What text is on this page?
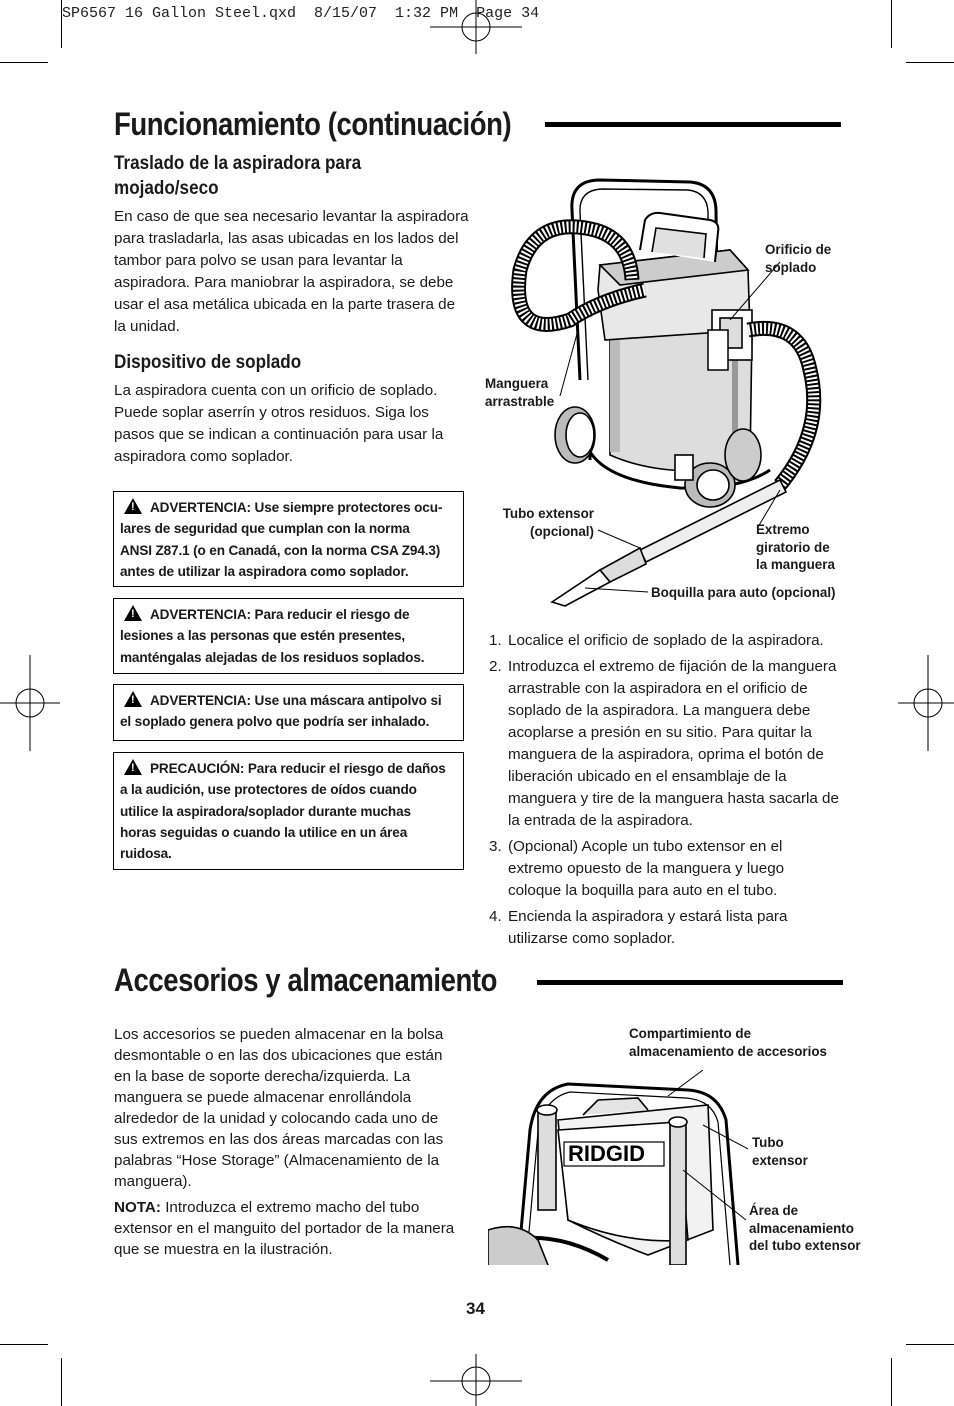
SP6567 16 Gallon Steel.qxd  8/15/07  1:32 PM  Page 34
Funcionamiento (continuación)
Traslado de la aspiradora para mojado/seco
En caso de que sea necesario levantar la aspiradora
para trasladarla, las asas ubicadas en los lados del
tambor para polvo se usan para levantar la
aspiradora. Para maniobrar la aspiradora, se debe
usar el asa metálica ubicada en la parte trasera de
la unidad.
Dispositivo de soplado
La aspiradora cuenta con un orificio de soplado.
Puede soplar aserrín y otros residuos. Siga los
pasos que se indican a continuación para usar la
aspiradora como soplador.
!ADVERTENCIA: Use siempre protectores ocu-
lares de seguridad que cumplan con la norma
ANSI Z87.1 (o en Canadá, con la norma CSA Z94.3)
antes de utilizar la aspiradora como soplador.
!ADVERTENCIA: Para reducir el riesgo de
lesiones a las personas que estén presentes,
manténgalas alejadas de los residuos soplados.
!ADVERTENCIA: Use una máscara antipolvo si
el soplado genera polvo que podría ser inhalado.
!PRECAUCIÓN: Para reducir el riesgo de daños
a la audición, use protectores de oídos cuando
utilice la aspiradora/soplador durante muchas
horas seguidas o cuando la utilice en un área
ruidosa.
Orificio de
soplado
Manguera
arrastrable
Tubo extensor
(opcional)	Extremo
giratorio de
la manguera
Boquilla para auto (opcional)
1. Localice el orificio de soplado de la aspiradora.
2. Introduzca el extremo de fijación de la manguera
arrastrable con la aspiradora en el orificio de
soplado de la aspiradora. La manguera debe
acoplarse a presión en su sitio. Para quitar la
manguera de la aspiradora, oprima el botón de
liberación ubicado en el ensamblaje de la
manguera y tire de la manguera hasta sacarla de
la entrada de la aspiradora.
3. (Opcional) Acople un tubo extensor en el
extremo opuesto de la manguera y luego
coloque la boquilla para auto en el tubo.
4. Encienda la aspiradora y estará lista para
utilizarse como soplador.
Accesorios y almacenamiento
Los accesorios se pueden almacenar en la bolsa
desmontable o en las dos ubicaciones que están
en la base de soporte derecha/izquierda. La
manguera se puede almacenar enrollándola
alrededor de la unidad y colocando cada uno de
sus extremos en las dos áreas marcadas con las
palabras “Hose Storage” (Almacenamiento de la
manguera).
NOTA: Introduzca el extremo macho del tubo
extensor en el manguito del portador de la manera
que se muestra en la ilustración.
RIDGID
Compartimiento de
almacenamiento de accesorios
Tubo
extensor
Área de
almacenamiento
del tubo extensor
34
